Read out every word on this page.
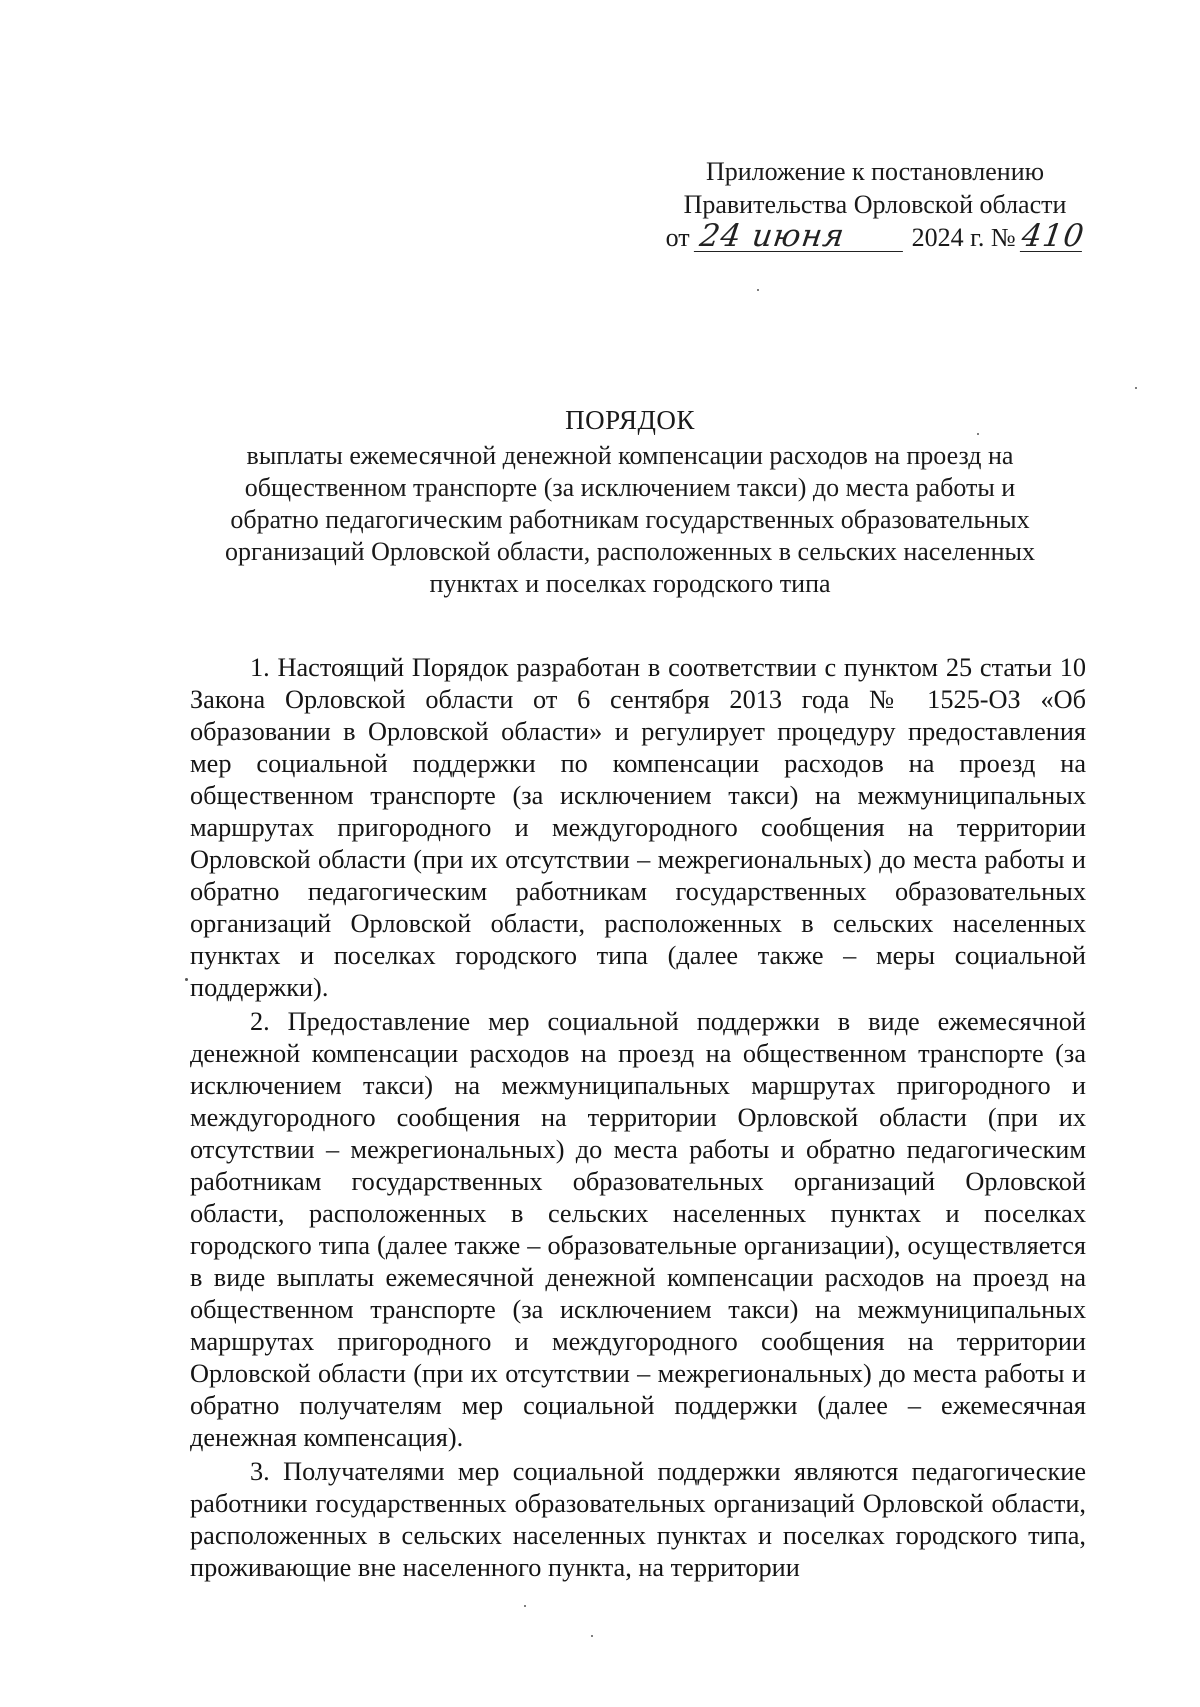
Приложение к постановлению
Правительства Орловской области
от 24 июня 2024 г. № 410
ПОРЯДОК
выплаты ежемесячной денежной компенсации расходов на проезд на общественном транспорте (за исключением такси) до места работы и обратно педагогическим работникам государственных образовательных организаций Орловской области, расположенных в сельских населенных пунктах и поселках городского типа

1. Настоящий Порядок разработан в соответствии с пунктом 25 статьи 10 Закона Орловской области от 6 сентября 2013 года № 1525-ОЗ «Об образовании в Орловской области» и регулирует процедуру предоставления мер социальной поддержки по компенсации расходов на проезд на общественном транспорте (за исключением такси) на межмуниципальных маршрутах пригородного и междугородного сообщения на территории Орловской области (при их отсутствии – межрегиональных) до места работы и обратно педагогическим работникам государственных образовательных организаций Орловской области, расположенных в сельских населенных пунктах и поселках городского типа (далее также – меры социальной поддержки).

2. Предоставление мер социальной поддержки в виде ежемесячной денежной компенсации расходов на проезд на общественном транспорте (за исключением такси) на межмуниципальных маршрутах пригородного и междугородного сообщения на территории Орловской области (при их отсутствии – межрегиональных) до места работы и обратно педагогическим работникам государственных образовательных организаций Орловской области, расположенных в сельских населенных пунктах и поселках городского типа (далее также – образовательные организации), осуществляется в виде выплаты ежемесячной денежной компенсации расходов на проезд на общественном транспорте (за исключением такси) на межмуниципальных маршрутах пригородного и междугородного сообщения на территории Орловской области (при их отсутствии – межрегиональных) до места работы и обратно получателям мер социальной поддержки (далее – ежемесячная денежная компенсация).

3. Получателями мер социальной поддержки являются педагогические работники государственных образовательных организаций Орловской области, расположенных в сельских населенных пунктах и поселках городского типа, проживающие вне населенного пункта, на территории
